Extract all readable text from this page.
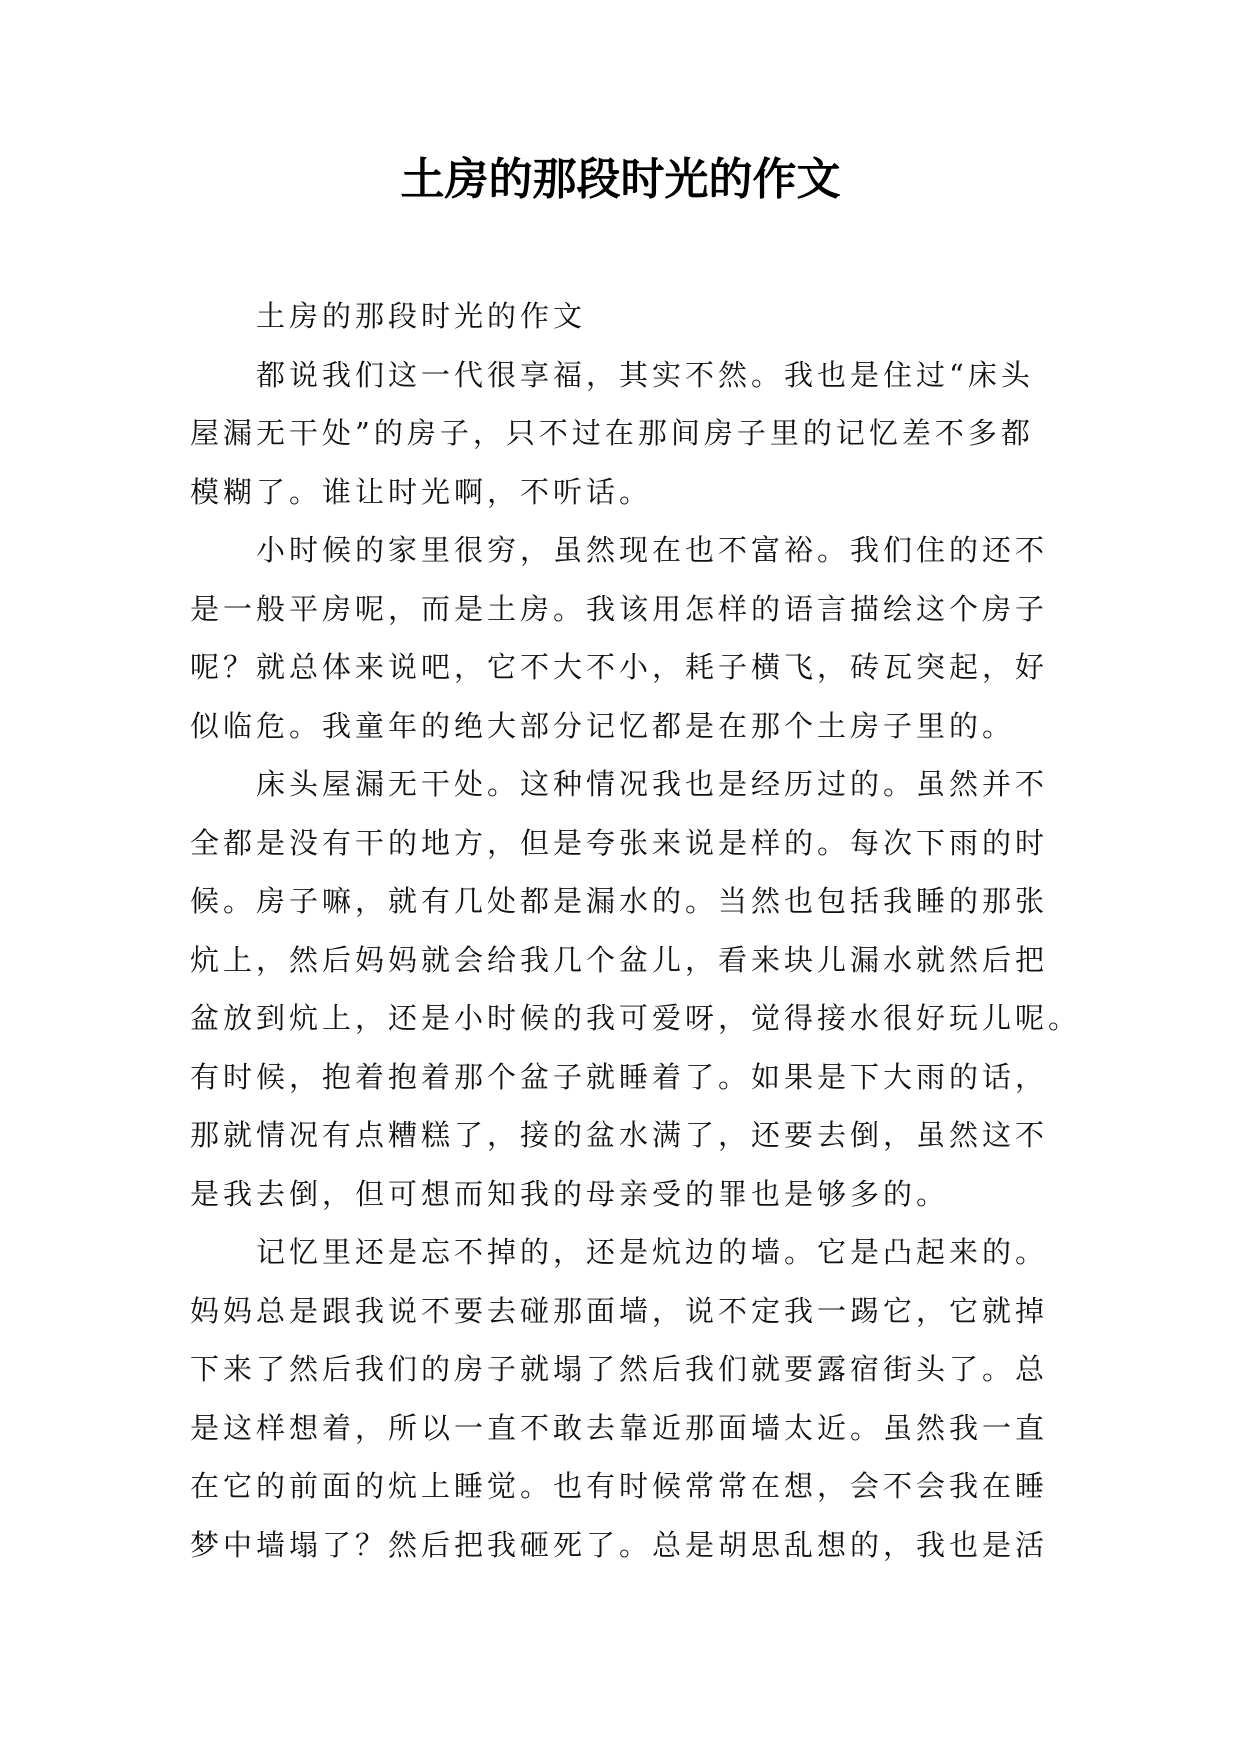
土房的那段时光的作文
土房的那段时光的作文
都说我们这一代很享福，其实不然。我也是住过“床头
屋漏无干处”的房子，只不过在那间房子里的记忆差不多都
模糊了。谁让时光啊，不听话。
小时候的家里很穷，虽然现在也不富裕。我们住的还不
是一般平房呢，而是土房。我该用怎样的语言描绘这个房子
呢？就总体来说吧，它不大不小，耗子横飞，砖瓦突起，好
似临危。我童年的绝大部分记忆都是在那个土房子里的。
床头屋漏无干处。这种情况我也是经历过的。虽然并不
全都是没有干的地方，但是夸张来说是样的。每次下雨的时
候。房子嘛，就有几处都是漏水的。当然也包括我睡的那张
炕上，然后妈妈就会给我几个盆儿，看来块儿漏水就然后把
盆放到炕上，还是小时候的我可爱呀，觉得接水很好玩儿呢。
有时候，抱着抱着那个盆子就睡着了。如果是下大雨的话，
那就情况有点糟糕了，接的盆水满了，还要去倒，虽然这不
是我去倒，但可想而知我的母亲受的罪也是够多的。
记忆里还是忘不掉的，还是炕边的墙。它是凸起来的。
妈妈总是跟我说不要去碰那面墙，说不定我一踢它，它就掉
下来了然后我们的房子就塌了然后我们就要露宿街头了。总
是这样想着，所以一直不敢去靠近那面墙太近。虽然我一直
在它的前面的炕上睡觉。也有时候常常在想，会不会我在睡
梦中墙塌了？然后把我砸死了。总是胡思乱想的，我也是活
